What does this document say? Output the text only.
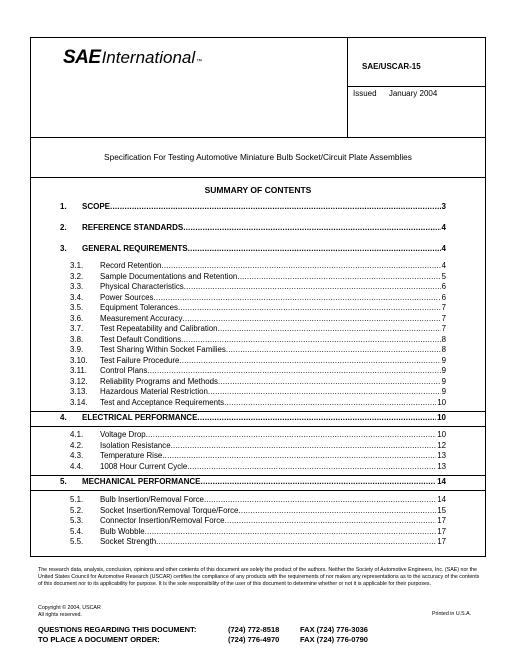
SAE International ™	SAE/USCAR-15
Issued January 2004
Specification For Testing Automotive Miniature Bulb Socket/Circuit Plate Assemblies
SUMMARY OF CONTENTS
1.	SCOPE .....	3
2.	REFERENCE STANDARDS .....	4
3.	GENERAL REQUIREMENTS .....	4
3.1.	Record Retention .....	4
3.2.	Sample Documentations and Retention .....	5
3.3.	Physical Characteristics .....	6
3.4.	Power Sources .....	6
3.5.	Equipment Tolerances .....	7
3.6.	Measurement Accuracy .....	7
3.7.	Test Repeatability and Calibration .....	7
3.8.	Test Default Conditions .....	8
3.9.	Test Sharing Within Socket Families .....	8
3.10.	Test Failure Procedure .....	9
3.11.	Control Plans .....	9
3.12.	Reliability Programs and Methods .....	9
3.13.	Hazardous Material Restriction .....	9
3.14.	Test and Acceptance Requirements .....	10
4.	ELECTRICAL PERFORMANCE .....	10
4.1.	Voltage Drop .....	10
4.2.	Isolation Resistance .....	12
4.3.	Temperature Rise .....	13
4.4.	1008 Hour Current Cycle .....	13
5.	MECHANICAL PERFORMANCE .....	14
5.1.	Bulb Insertion/Removal Force .....	14
5.2.	Socket Insertion/Removal Torque/Force .....	15
5.3.	Connector Insertion/Removal Force .....	17
5.4.	Bulb Wobble .....	17
5.5.	Socket Strength .....	17
The research data, analysis, conclusion, opinions and other contents of this document are solely the product of the authors. Neither the Society of Automotive Engineers, Inc. (SAE) nor the United States Council for Automotive Research (USCAR) certifies the compliance of any products with the requirements of nor makes any representations as to the accuracy of the contents of this document nor to its applicability for purpose. It is the sole responsibility of the user of this document to determine whether or not it is applicable for their purposes.
Copyright © 2004, USCAR
All rights reserved.	Printed in U.S.A.
QUESTIONS REGARDING THIS DOCUMENT:	(724) 772-8518	FAX (724) 776-3036
TO PLACE A DOCUMENT ORDER:	(724) 776-4970	FAX (724) 776-0790
